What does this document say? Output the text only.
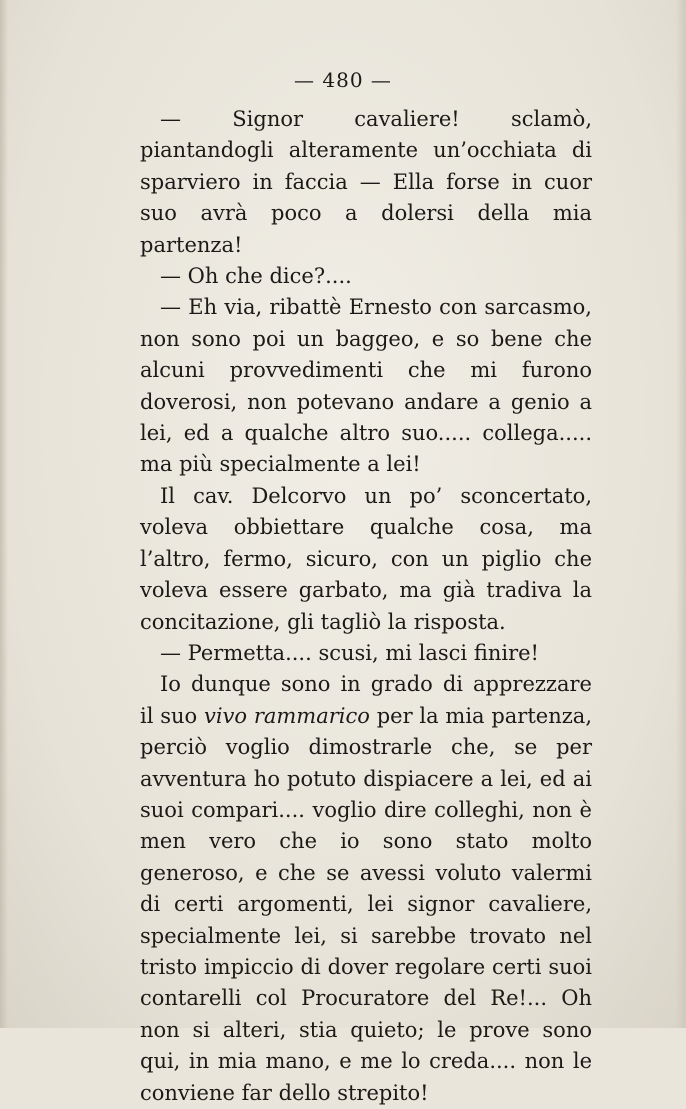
— 480 —

— Signor cavaliere! sclamò, piantandogli alteramente un’occhiata di sparviero in faccia — Ella forse in cuor suo avrà poco a dolersi della mia partenza!

— Oh che dice?....

— Eh via, ribattè Ernesto con sarcasmo, non sono poi un baggeo, e so bene che alcuni provvedimenti che mi furono doverosi, non potevano andare a genio a lei, ed a qualche altro suo..... collega..... ma più specialmente a lei!

Il cav. Delcorvo un po’ sconcertato, voleva obbiettare qualche cosa, ma l’altro, fermo, sicuro, con un piglio che voleva essere garbato, ma già tradiva la concitazione, gli tagliò la risposta.

— Permetta.... scusi, mi lasci finire!

Io dunque sono in grado di apprezzare il suo vivo rammarico per la mia partenza, perciò voglio dimostrarle che, se per avventura ho potuto dispiacere a lei, ed ai suoi compari.... voglio dire colleghi, non è men vero che io sono stato molto generoso, e che se avessi voluto valermi di certi argomenti, lei signor cavaliere, specialmente lei, si sarebbe trovato nel tristo impiccio di dover regolare certi suoi contarelli col Procuratore del Re!... Oh non si alteri, stia quieto; le prove sono qui, in mia mano, e me lo creda.... non le conviene far dello strepito!
